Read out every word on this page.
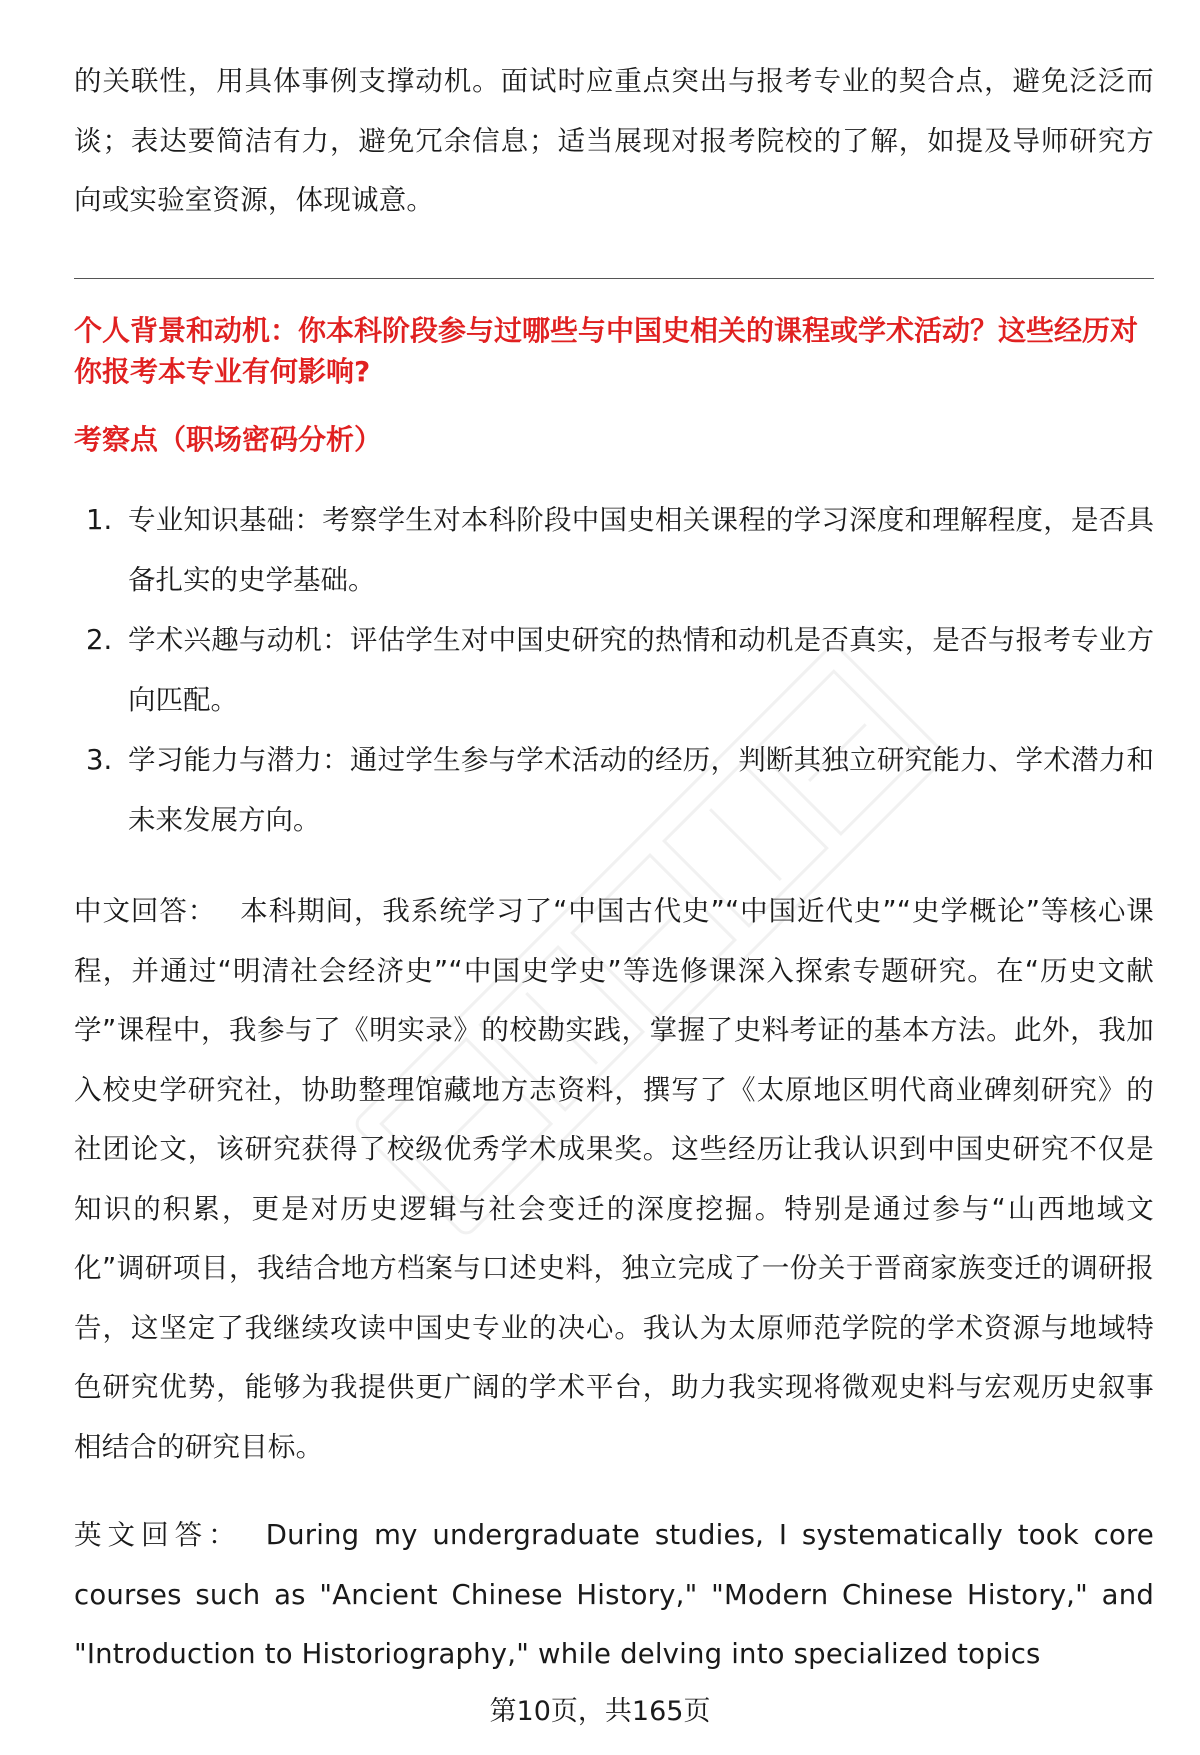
的关联性，用具体事例支撑动机。面试时应重点突出与报考专业的契合点，避免泛泛而谈；表达要简洁有力，避免冗余信息；适当展现对报考院校的了解，如提及导师研究方向或实验室资源，体现诚意。

个人背景和动机：你本科阶段参与过哪些与中国史相关的课程或学术活动？这些经历对你报考本专业有何影响?

考察点（职场密码分析）

1. 专业知识基础：考察学生对本科阶段中国史相关课程的学习深度和理解程度，是否具备扎实的史学基础。
2. 学术兴趣与动机：评估学生对中国史研究的热情和动机是否真实，是否与报考专业方向匹配。
3. 学习能力与潜力：通过学生参与学术活动的经历，判断其独立研究能力、学术潜力和未来发展方向。

中文回答： 本科期间，我系统学习了“中国古代史”“中国近代史”“史学概论”等核心课程，并通过“明清社会经济史”“中国史学史”等选修课深入探索专题研究。在“历史文献学”课程中，我参与了《明实录》的校勘实践，掌握了史料考证的基本方法。此外，我加入校史学研究社，协助整理馆藏地方志资料，撰写了《太原地区明代商业碑刻研究》的社团论文，该研究获得了校级优秀学术成果奖。这些经历让我认识到中国史研究不仅是知识的积累，更是对历史逻辑与社会变迁的深度挖掘。特别是通过参与“山西地域文化”调研项目，我结合地方档案与口述史料，独立完成了一份关于晋商家族变迁的调研报告，这坚定了我继续攻读中国史专业的决心。我认为太原师范学院的学术资源与地域特色研究优势，能够为我提供更广阔的学术平台，助力我实现将微观史料与宏观历史叙事相结合的研究目标。

英文回答： During my undergraduate studies, I systematically took core courses such as "Ancient Chinese History," "Modern Chinese History," and "Introduction to Historiography," while delving into specialized topics

第10页，共165页
